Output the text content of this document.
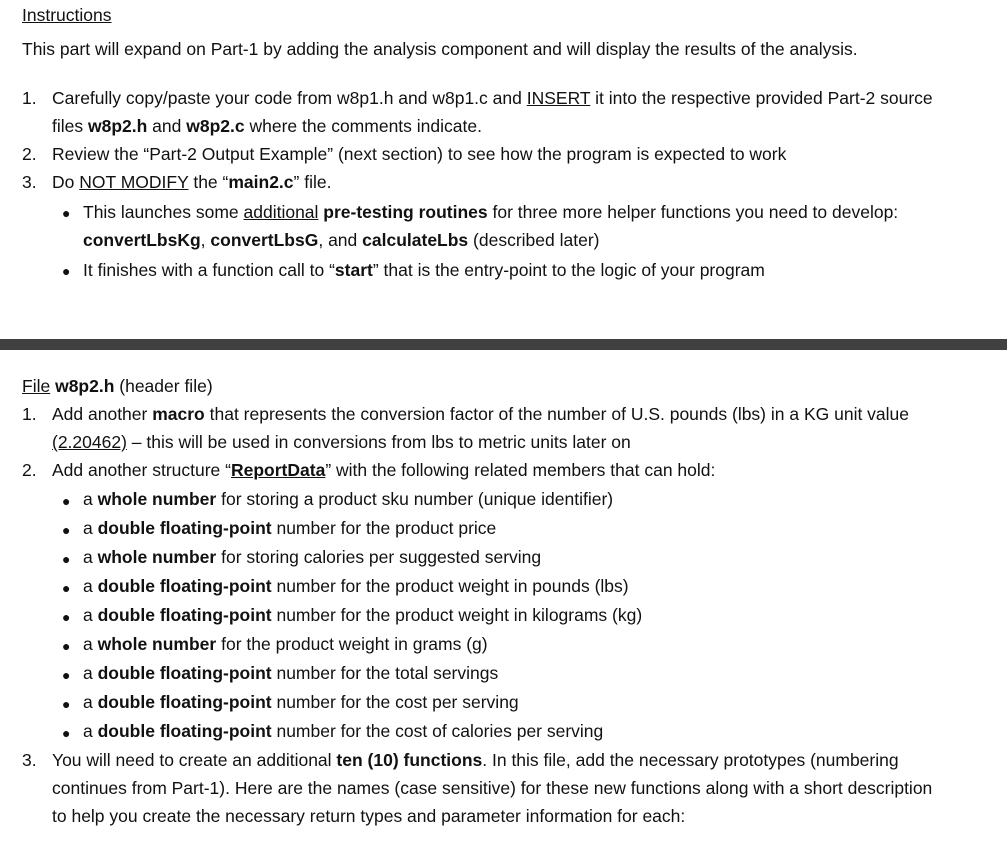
Instructions
This part will expand on Part-1 by adding the analysis component and will display the results of the analysis.
1. Carefully copy/paste your code from w8p1.h and w8p1.c and INSERT it into the respective provided Part-2 source
files w8p2.h and w8p2.c where the comments indicate.
2. Review the “Part-2 Output Example” (next section) to see how the program is expected to work
3. Do NOT MODIFY the “main2.c” file.
● This launches some additional pre-testing routines for three more helper functions you need to develop:
convertLbsKg, convertLbsG, and calculateLbs (described later)
● It finishes with a function call to “start” that is the entry-point to the logic of your program
File w8p2.h (header file)
1. Add another macro that represents the conversion factor of the number of U.S. pounds (lbs) in a KG unit value
(2.20462) – this will be used in conversions from lbs to metric units later on
2. Add another structure “ReportData” with the following related members that can hold:
● a whole number for storing a product sku number (unique identifier)
● a double floating-point number for the product price
● a whole number for storing calories per suggested serving
● a double floating-point number for the product weight in pounds (lbs)
● a double floating-point number for the product weight in kilograms (kg)
● a whole number for the product weight in grams (g)
● a double floating-point number for the total servings
● a double floating-point number for the cost per serving
● a double floating-point number for the cost of calories per serving
3. You will need to create an additional ten (10) functions. In this file, add the necessary prototypes (numbering
continues from Part-1). Here are the names (case sensitive) for these new functions along with a short description
to help you create the necessary return types and parameter information for each:
